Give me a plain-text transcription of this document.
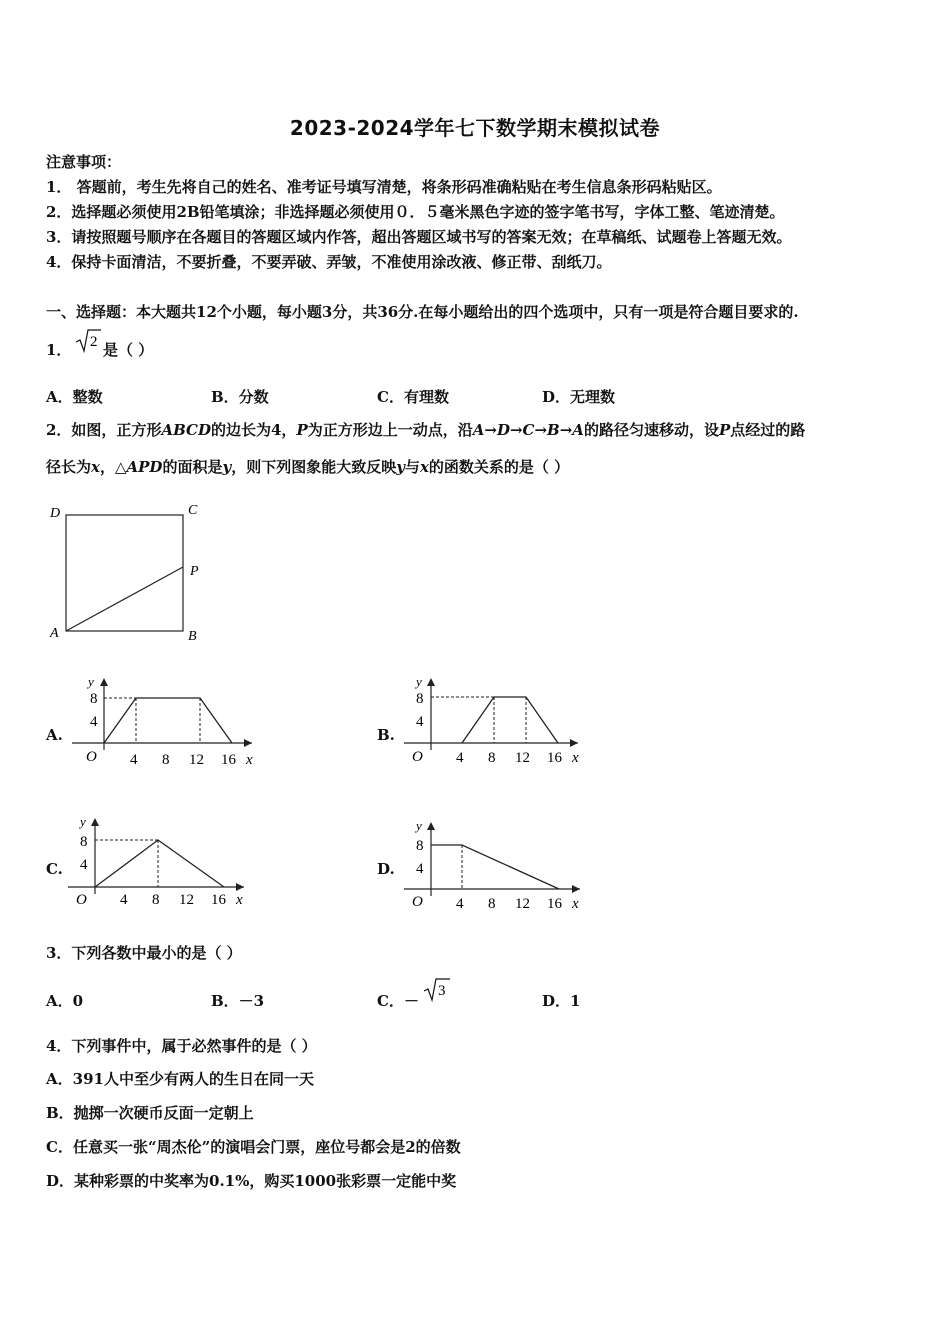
2023-2024学年七下数学期末模拟试卷
注意事项：
1． 答题前，考生先将自己的姓名、准考证号填写清楚，将条形码准确粘贴在考生信息条形码粘贴区。
2．选择题必须使用2B铅笔填涂；非选择题必须使用０．５毫米黑色字迹的签字笔书写，字体工整、笔迹清楚。
3．请按照题号顺序在各题目的答题区域内作答，超出答题区域书写的答案无效；在草稿纸、试题卷上答题无效。
4．保持卡面清洁，不要折叠，不要弄破、弄皱，不准使用涂改液、修正带、刮纸刀。
一、选择题：本大题共12个小题，每小题3分，共36分.在每小题给出的四个选项中，只有一项是符合题目要求的.
1． 2 是（ ）
A．整数	B．分数	C．有理数	D．无理数
2．如图，正方形ABCD的边长为4，P为正方形边上一动点，沿A→D→C→B→A的路径匀速移动，设P点经过的路
径长为x，△APD的面积是y，则下列图象能大致反映y与x的函数关系的是（ ）
D	C
P
A	B
A.	B.
C.	D.
y
8
4
O 4 8 12 16 x
y
8
4
O 4 8 12 16 x
y
8
4
O 4 8 12 16 x
y
8
4
O 4 8 12 16 x
3．下列各数中最小的是（ ）
A．0	B．－3	C．－
3
D．1
4．下列事件中，属于必然事件的是（ ）
A．391人中至少有两人的生日在同一天
B．抛掷一次硬币反面一定朝上
C．任意买一张“周杰伦”的演唱会门票，座位号都会是2的倍数
D．某种彩票的中奖率为0.1%，购买1000张彩票一定能中奖
